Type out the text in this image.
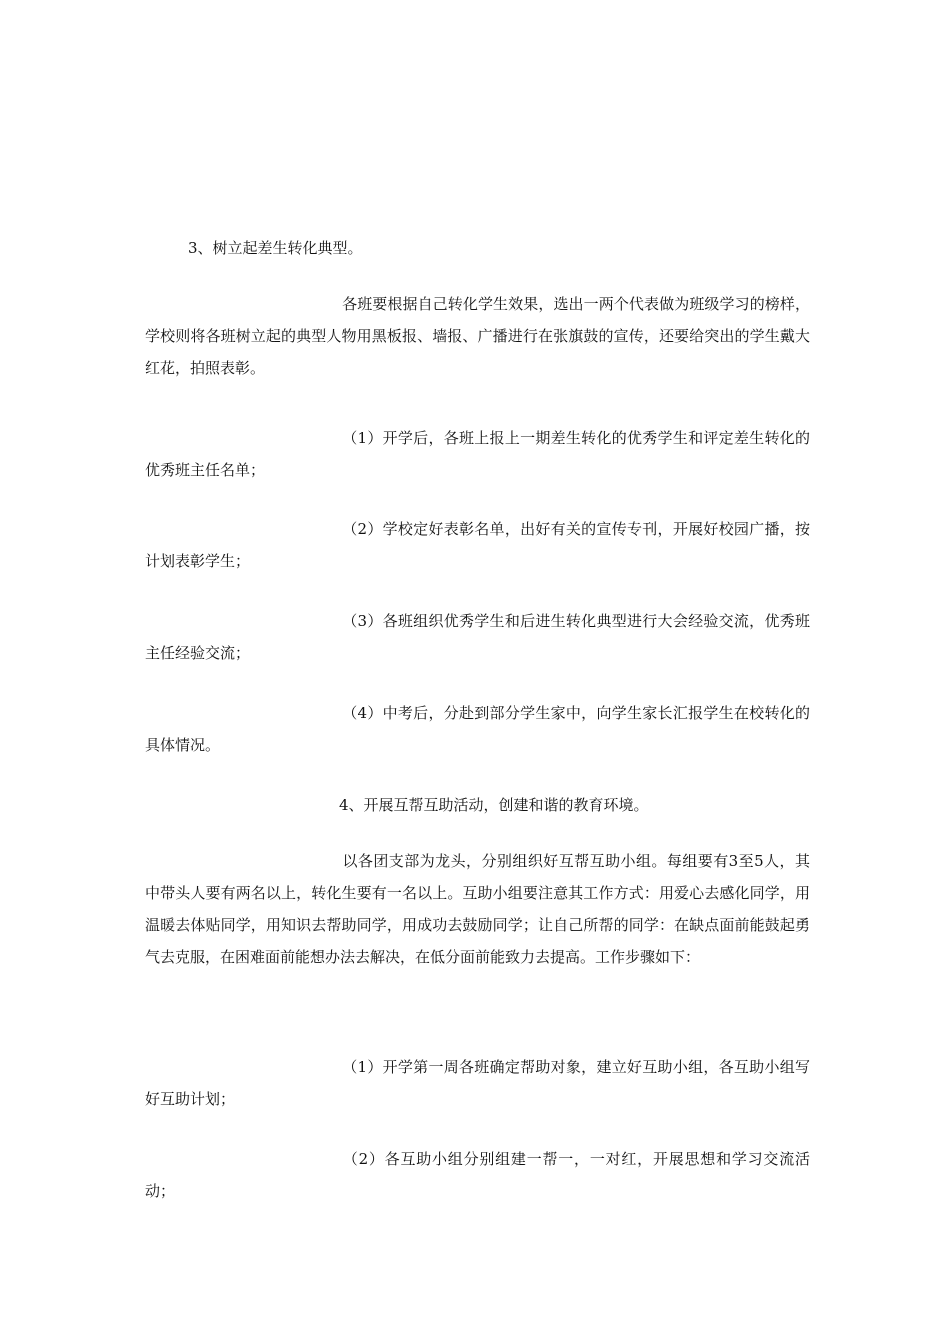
3、树立起差生转化典型。
各班要根据自己转化学生效果，选出一两个代表做为班级学习的榜样，学校则将各班树立起的典型人物用黑板报、墙报、广播进行在张旗鼓的宣传，还要给突出的学生戴大红花，拍照表彰。
（1）开学后，各班上报上一期差生转化的优秀学生和评定差生转化的优秀班主任名单；
（2）学校定好表彰名单，出好有关的宣传专刊，开展好校园广播，按计划表彰学生；
（3）各班组织优秀学生和后进生转化典型进行大会经验交流，优秀班主任经验交流；
（4）中考后，分赴到部分学生家中，向学生家长汇报学生在校转化的具体情况。
4、开展互帮互助活动，创建和谐的教育环境。
以各团支部为龙头，分别组织好互帮互助小组。每组要有3至5人，其中带头人要有两名以上，转化生要有一名以上。互助小组要注意其工作方式：用爱心去感化同学，用温暖去体贴同学，用知识去帮助同学，用成功去鼓励同学；让自己所帮的同学：在缺点面前能鼓起勇气去克服，在困难面前能想办法去解决，在低分面前能致力去提高。工作步骤如下：
（1）开学第一周各班确定帮助对象，建立好互助小组，各互助小组写好互助计划；
（2）各互助小组分别组建一帮一，一对红，开展思想和学习交流活动；
